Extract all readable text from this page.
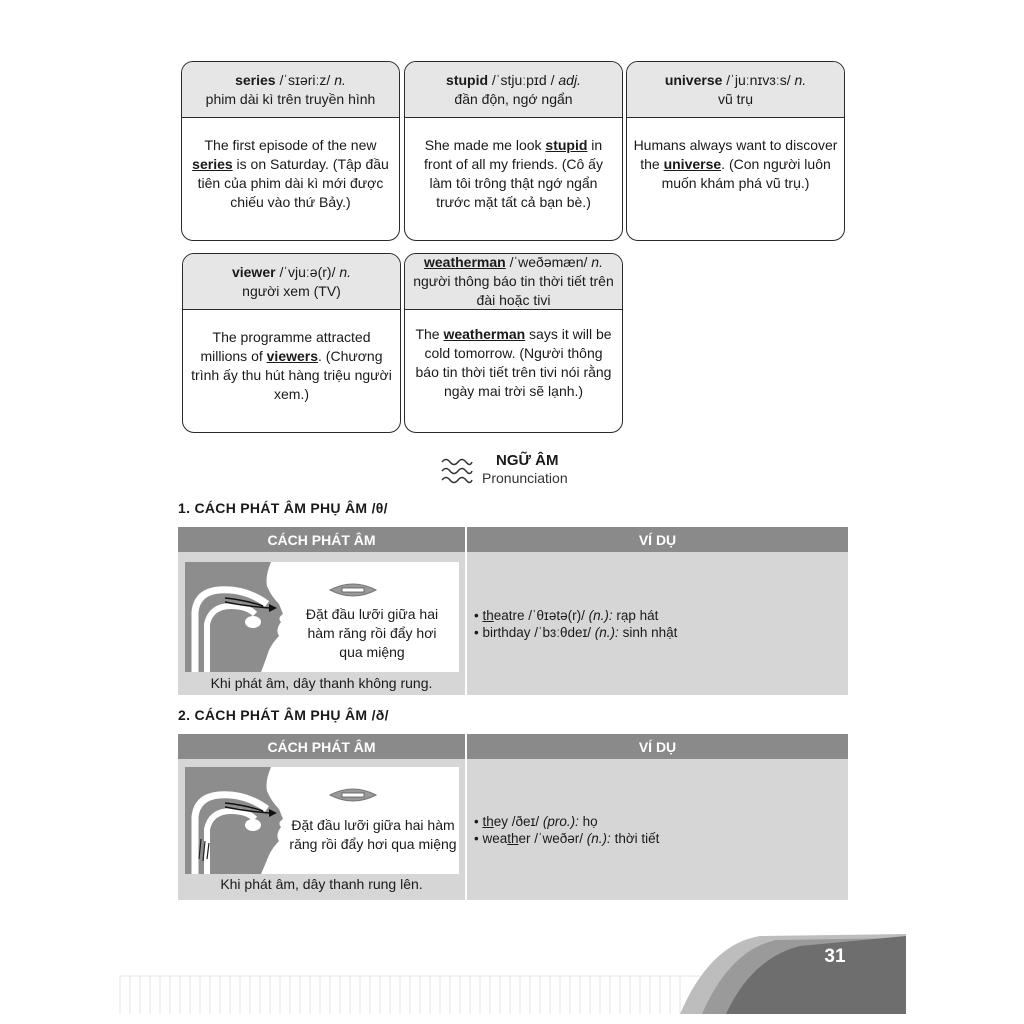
series /ˈsɪəriːz/ n.
phim dài kì trên truyền hình
The first episode of the new series is on Saturday. (Tập đầu tiên của phim dài kì mới được chiếu vào thứ Bảy.)
stupid /ˈstjuːpɪd / adj.
đần độn, ngớ ngẩn
She made me look stupid in front of all my friends. (Cô ấy làm tôi trông thật ngớ ngẩn trước mặt tất cả bạn bè.)
universe /ˈjuːnɪvɜːs/ n.
vũ trụ
Humans always want to discover the universe. (Con người luôn muốn khám phá vũ trụ.)
viewer /ˈvjuːə(r)/ n.
người xem (TV)
The programme attracted millions of viewers. (Chương trình ấy thu hút hàng triệu người xem.)
weatherman /ˈweðəmæn/ n.
người thông báo tin thời tiết trên đài hoặc tivi
The weatherman says it will be cold tomorrow. (Người thông báo tin thời tiết trên tivi nói rằng ngày mai trời sẽ lạnh.)
NGỮ ÂM
Pronunciation
1. CÁCH PHÁT ÂM PHỤ ÂM /θ/
CÁCH PHÁT ÂM	VÍ DỤ
Đặt đầu lưỡi giữa hai hàm răng rồi đẩy hơi qua miệng
Khi phát âm, dây thanh không rung.
• theatre /ˈθɪətə(r)/ (n.): rạp hát
• birthday /ˈbɜːθdeɪ/ (n.): sinh nhật
2. CÁCH PHÁT ÂM PHỤ ÂM /ð/
CÁCH PHÁT ÂM	VÍ DỤ
Đặt đầu lưỡi giữa hai hàm răng rồi đẩy hơi qua miệng
Khi phát âm, dây thanh rung lên.
• they /ðeɪ/ (pro.): họ
• weather /ˈweðər/ (n.): thời tiết
31
